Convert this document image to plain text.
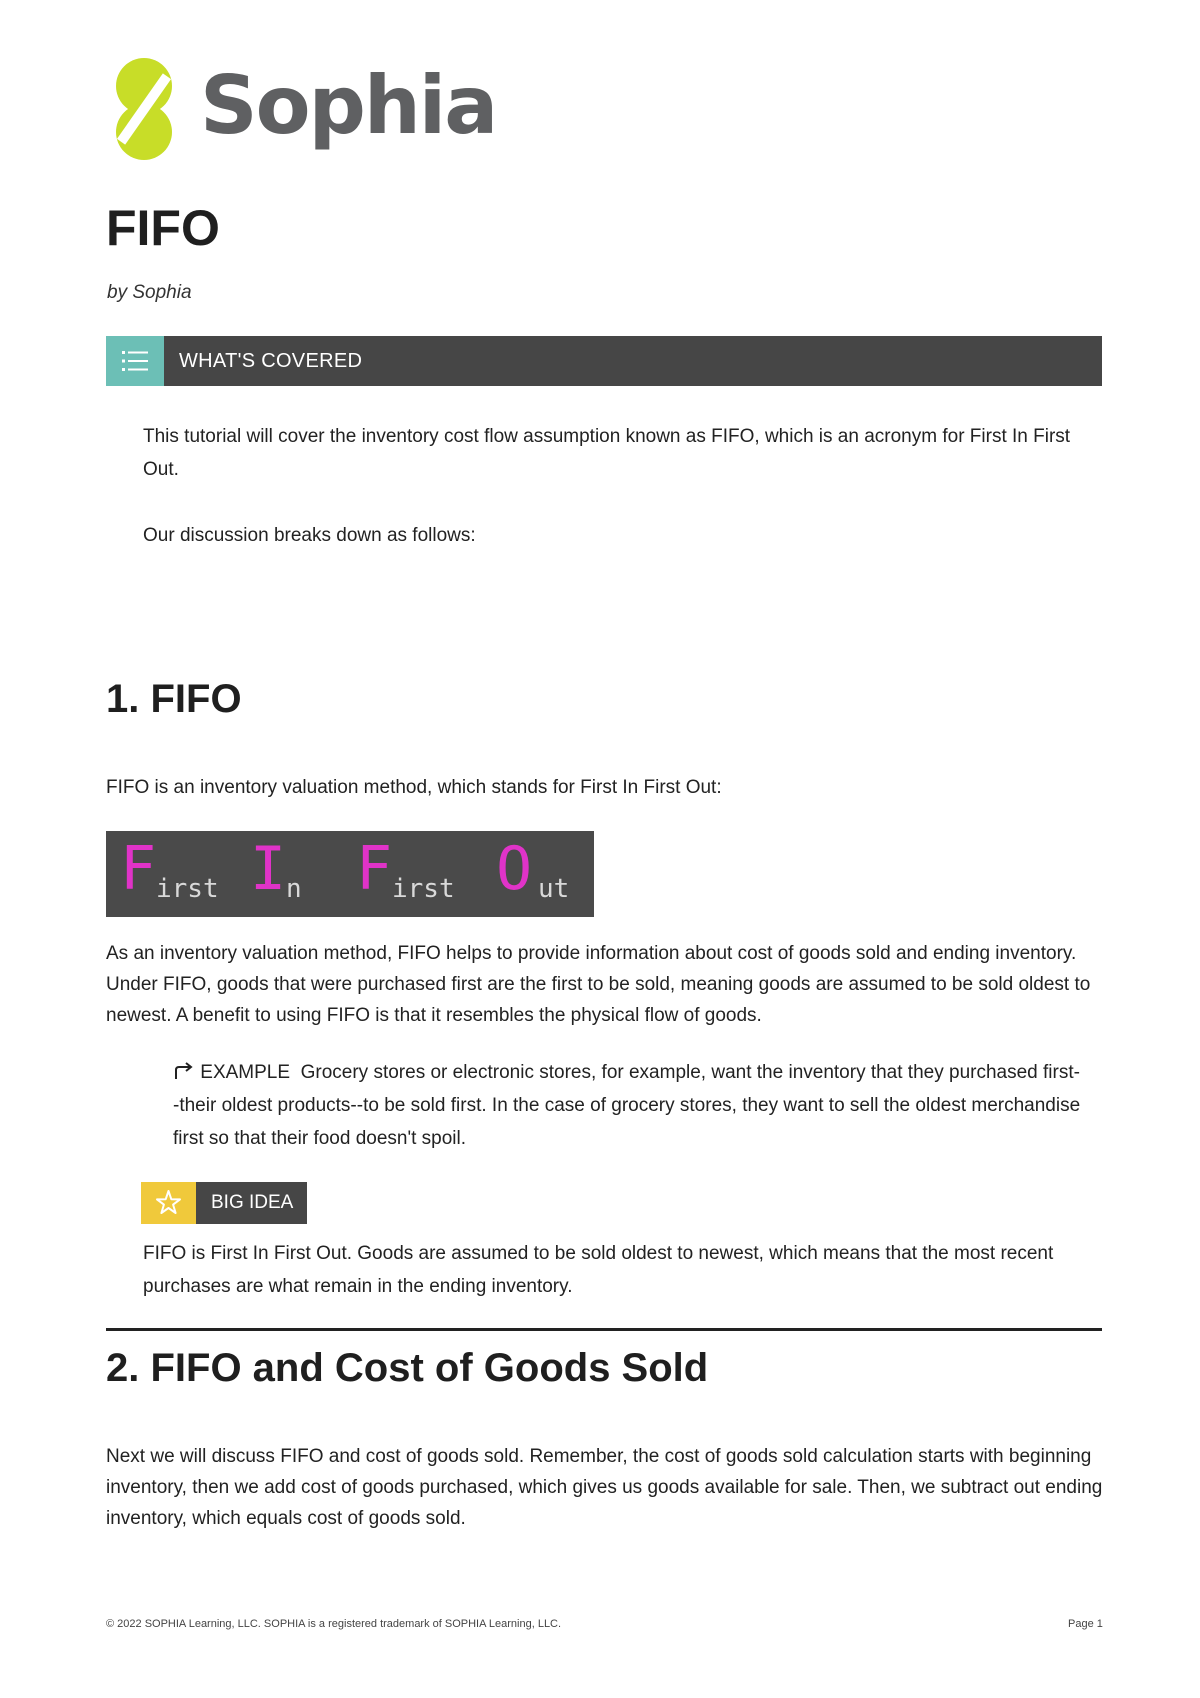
Sophia
FIFO
by Sophia
WHAT'S COVERED

This tutorial will cover the inventory cost flow assumption known as FIFO, which is an acronym for First In First Out.

Our discussion breaks down as follows:

1. FIFO

FIFO is an inventory valuation method, which stands for First In First Out:

F irst I n F irst O ut

As an inventory valuation method, FIFO helps to provide information about cost of goods sold and ending inventory. Under FIFO, goods that were purchased first are the first to be sold, meaning goods are assumed to be sold oldest to newest. A benefit to using FIFO is that it resembles the physical flow of goods.

EXAMPLE Grocery stores or electronic stores, for example, want the inventory that they purchased first--their oldest products--to be sold first. In the case of grocery stores, they want to sell the oldest merchandise first so that their food doesn't spoil.

BIG IDEA

FIFO is First In First Out. Goods are assumed to be sold oldest to newest, which means that the most recent purchases are what remain in the ending inventory.

2. FIFO and Cost of Goods Sold

Next we will discuss FIFO and cost of goods sold. Remember, the cost of goods sold calculation starts with beginning inventory, then we add cost of goods purchased, which gives us goods available for sale. Then, we subtract out ending inventory, which equals cost of goods sold.

© 2022 SOPHIA Learning, LLC. SOPHIA is a registered trademark of SOPHIA Learning, LLC.	Page 1
